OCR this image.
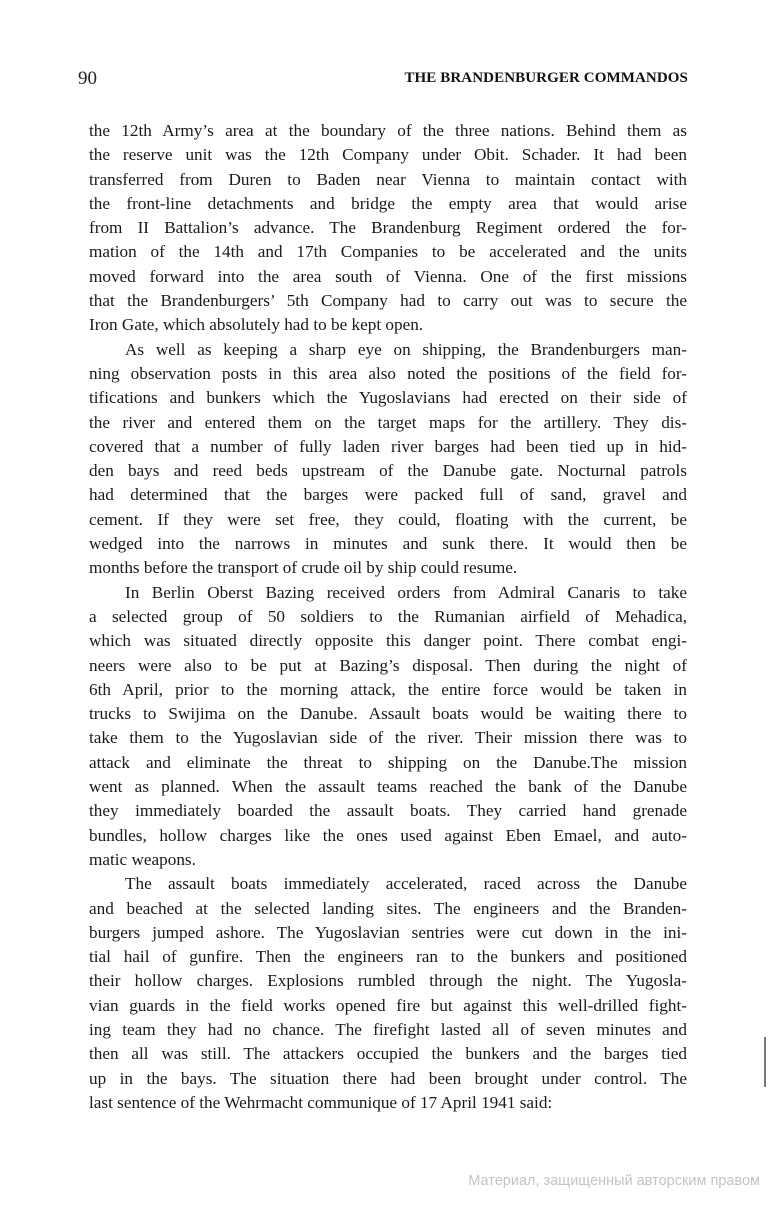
90	THE BRANDENBURGER COMMANDOS
the 12th Army’s area at the boundary of the three nations. Behind them as
the reserve unit was the 12th Company under Obit. Schader. It had been
transferred from Duren to Baden near Vienna to maintain contact with
the front-line detachments and bridge the empty area that would arise
from II Battalion’s advance. The Brandenburg Regiment ordered the for-
mation of the 14th and 17th Companies to be accelerated and the units
moved forward into the area south of Vienna. One of the first missions
that the Brandenburgers’ 5th Company had to carry out was to secure the
Iron Gate, which absolutely had to be kept open.
As well as keeping a sharp eye on shipping, the Brandenburgers man-
ning observation posts in this area also noted the positions of the field for-
tifications and bunkers which the Yugoslavians had erected on their side of
the river and entered them on the target maps for the artillery. They dis-
covered that a number of fully laden river barges had been tied up in hid-
den bays and reed beds upstream of the Danube gate. Nocturnal patrols
had determined that the barges were packed full of sand, gravel and
cement. If they were set free, they could, floating with the current, be
wedged into the narrows in minutes and sunk there. It would then be
months before the transport of crude oil by ship could resume.
In Berlin Oberst Bazing received orders from Admiral Canaris to take
a selected group of 50 soldiers to the Rumanian airfield of Mehadica,
which was situated directly opposite this danger point. There combat engi-
neers were also to be put at Bazing’s disposal. Then during the night of
6th April, prior to the morning attack, the entire force would be taken in
trucks to Swijima on the Danube. Assault boats would be waiting there to
take them to the Yugoslavian side of the river. Their mission there was to
attack and eliminate the threat to shipping on the Danube.The mission
went as planned. When the assault teams reached the bank of the Danube
they immediately boarded the assault boats. They carried hand grenade
bundles, hollow charges like the ones used against Eben Emael, and auto-
matic weapons.
The assault boats immediately accelerated, raced across the Danube
and beached at the selected landing sites. The engineers and the Branden-
burgers jumped ashore. The Yugoslavian sentries were cut down in the ini-
tial hail of gunfire. Then the engineers ran to the bunkers and positioned
their hollow charges. Explosions rumbled through the night. The Yugosla-
vian guards in the field works opened fire but against this well-drilled fight-
ing team they had no chance. The firefight lasted all of seven minutes and
then all was still. The attackers occupied the bunkers and the barges tied
up in the bays. The situation there had been brought under control. The
last sentence of the Wehrmacht communique of 17 April 1941 said:
Материал, защищенный авторским правом
